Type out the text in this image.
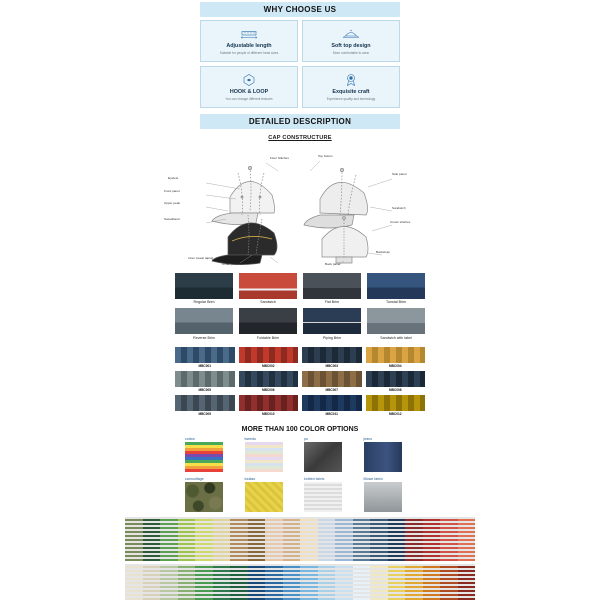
WHY CHOOSE US
Adjustable length
Suitable for people of different head sizes
Soft top design
More comfortable to wear
HOOK & LOOP
You can change different textures
Exquisite craft
Experience quality and technology
DETAILED DESCRIPTION
CAP CONSTRUCTURE
Eyelets
Front panel
Upper peak
Sweatband
Floor Stitches	Top button
Side panel
Sandwich
Crown stitches
Inner sweat taping
Under peak	Back panel
Backstrap
Regular Brim	Sandwich	Flat Brim	Tunstal Brim
Reverse Brim	Foldable Brim	Piping Brim	Sandwich with label
MBC001	MBC002	MBC003	MBC004
MBC005	MBC006	MBC007	MBC008
MBC009	MBC010	MBC011	MBC012
MORE THAN 100 COLOR OPTIONS
cotton	tweeds	pu	jeans
camouflage	toutiao	knitted fabric	Blowe fabric
